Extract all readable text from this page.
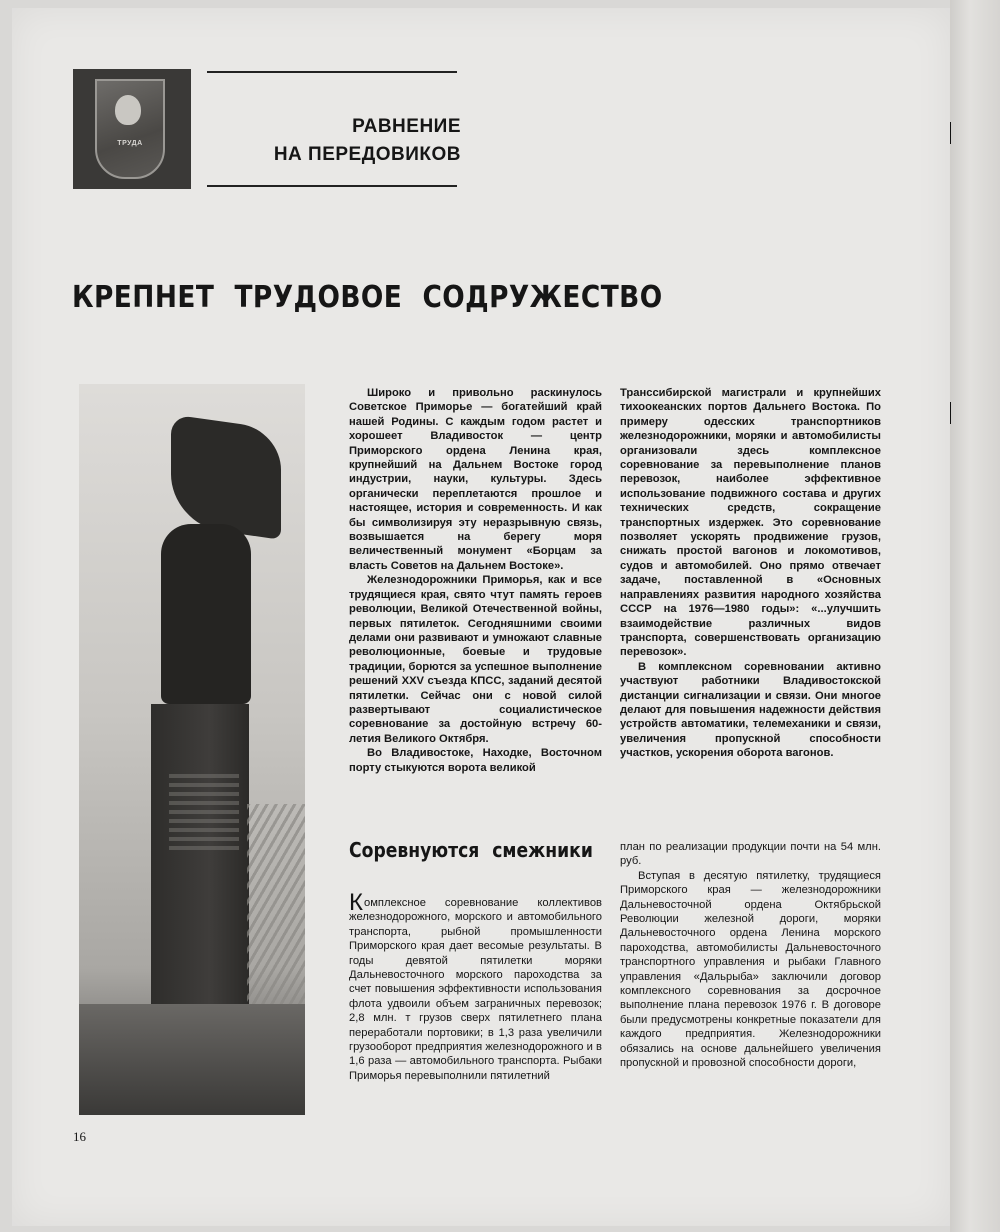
ТРУДА
РАВНЕНИЕ
НА ПЕРЕДОВИКОВ
КРЕПНЕТ ТРУДОВОЕ СОДРУЖЕСТВО

Широко и привольно раскинулось Советское Приморье — богатейший край нашей Родины. С каждым годом растет и хорошеет Владивосток — центр Приморского ордена Ленина края, крупнейший на Дальнем Востоке город индустрии, науки, культуры. Здесь органически переплетаются прошлое и настоящее, история и современность. И как бы символизируя эту неразрывную связь, возвышается на берегу моря величественный монумент «Борцам за власть Советов на Дальнем Востоке».

Железнодорожники Приморья, как и все трудящиеся края, свято чтут память героев революции, Великой Отечественной войны, первых пятилеток. Сегодняшними своими делами они развивают и умножают славные революционные, боевые и трудовые традиции, борются за успешное выполнение решений XXV съезда КПСС, заданий десятой пятилетки. Сейчас они с новой силой развертывают социалистическое соревнование за достойную встречу 60-летия Великого Октября.

Во Владивостоке, Находке, Восточном порту стыкуются ворота великой

Транссибирской магистрали и крупнейших тихоокеанских портов Дальнего Востока. По примеру одесских транспортников железнодорожники, моряки и автомобилисты организовали здесь комплексное соревнование за перевыполнение планов перевозок, наиболее эффективное использование подвижного состава и других технических средств, сокращение транспортных издержек. Это соревнование позволяет ускорять продвижение грузов, снижать простой вагонов и локомотивов, судов и автомобилей. Оно прямо отвечает задаче, поставленной в «Основных направлениях развития народного хозяйства СССР на 1976—1980 годы»: «...улучшить взаимодействие различных видов транспорта, совершенствовать организацию перевозок».

В комплексном соревновании активно участвуют работники Владивостокской дистанции сигнализации и связи. Они многое делают для повышения надежности действия устройств автоматики, телемеханики и связи, увеличения пропускной способности участков, ускорения оборота вагонов.

Соревнуются смежники

Комплексное соревнование коллективов железнодорожного, морского и автомобильного транспорта, рыбной промышленности Приморского края дает весомые результаты. В годы девятой пятилетки моряки Дальневосточного морского пароходства за счет повышения эффективности использования флота удвоили объем заграничных перевозок; 2,8 млн. т грузов сверх пятилетнего плана переработали портовики; в 1,3 раза увеличили грузооборот предприятия железнодорожного и в 1,6 раза — автомобильного транспорта. Рыбаки Приморья перевыполнили пятилетний

план по реализации продукции почти на 54 млн. руб.

Вступая в десятую пятилетку, трудящиеся Приморского края — железнодорожники Дальневосточной ордена Октябрьской Революции железной дороги, моряки Дальневосточного ордена Ленина морского пароходства, автомобилисты Дальневосточного транспортного управления и рыбаки Главного управления «Дальрыба» заключили договор комплексного соревнования за досрочное выполнение плана перевозок 1976 г. В договоре были предусмотрены конкретные показатели для каждого предприятия. Железнодорожники обязались на основе дальнейшего увеличения пропускной и провозной способности дороги,

16
